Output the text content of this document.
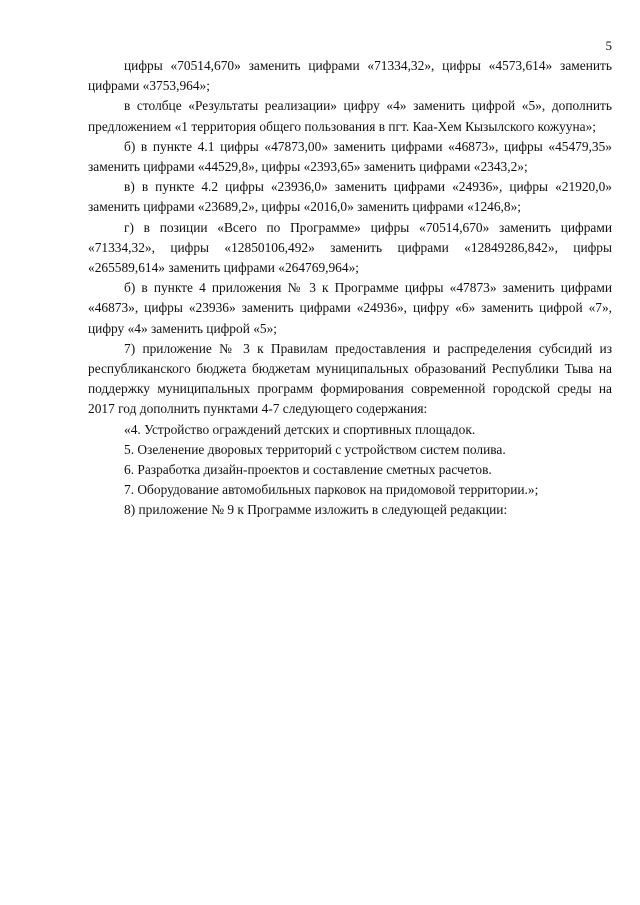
5

цифры «70514,670» заменить цифрами «71334,32», цифры «4573,614» заменить цифрами «3753,964»;

в столбце «Результаты реализации» цифру «4» заменить цифрой «5», дополнить предложением «1 территория общего пользования в пгт. Каа-Хем Кызылского кожууна»;

б) в пункте 4.1 цифры «47873,00» заменить цифрами «46873», цифры «45479,35» заменить цифрами «44529,8», цифры «2393,65» заменить цифрами «2343,2»;

в) в пункте 4.2 цифры «23936,0» заменить цифрами «24936», цифры «21920,0» заменить цифрами «23689,2», цифры «2016,0» заменить цифрами «1246,8»;

г) в позиции «Всего по Программе» цифры «70514,670» заменить цифрами «71334,32», цифры «12850106,492» заменить цифрами «12849286,842», цифры «265589,614» заменить цифрами «264769,964»;

б) в пункте 4 приложения № 3 к Программе цифры «47873» заменить цифрами «46873», цифры «23936» заменить цифрами «24936», цифру «6» заменить цифрой «7», цифру «4» заменить цифрой «5»;

7) приложение № 3 к Правилам предоставления и распределения субсидий из республиканского бюджета бюджетам муниципальных образований Республики Тыва на поддержку муниципальных программ формирования современной городской среды на 2017 год дополнить пунктами 4-7 следующего содержания:

«4. Устройство ограждений детских и спортивных площадок.

5. Озеленение дворовых территорий с устройством систем полива.

6. Разработка дизайн-проектов и составление сметных расчетов.

7. Оборудование автомобильных парковок на придомовой территории.»;

8) приложение № 9 к Программе изложить в следующей редакции:
